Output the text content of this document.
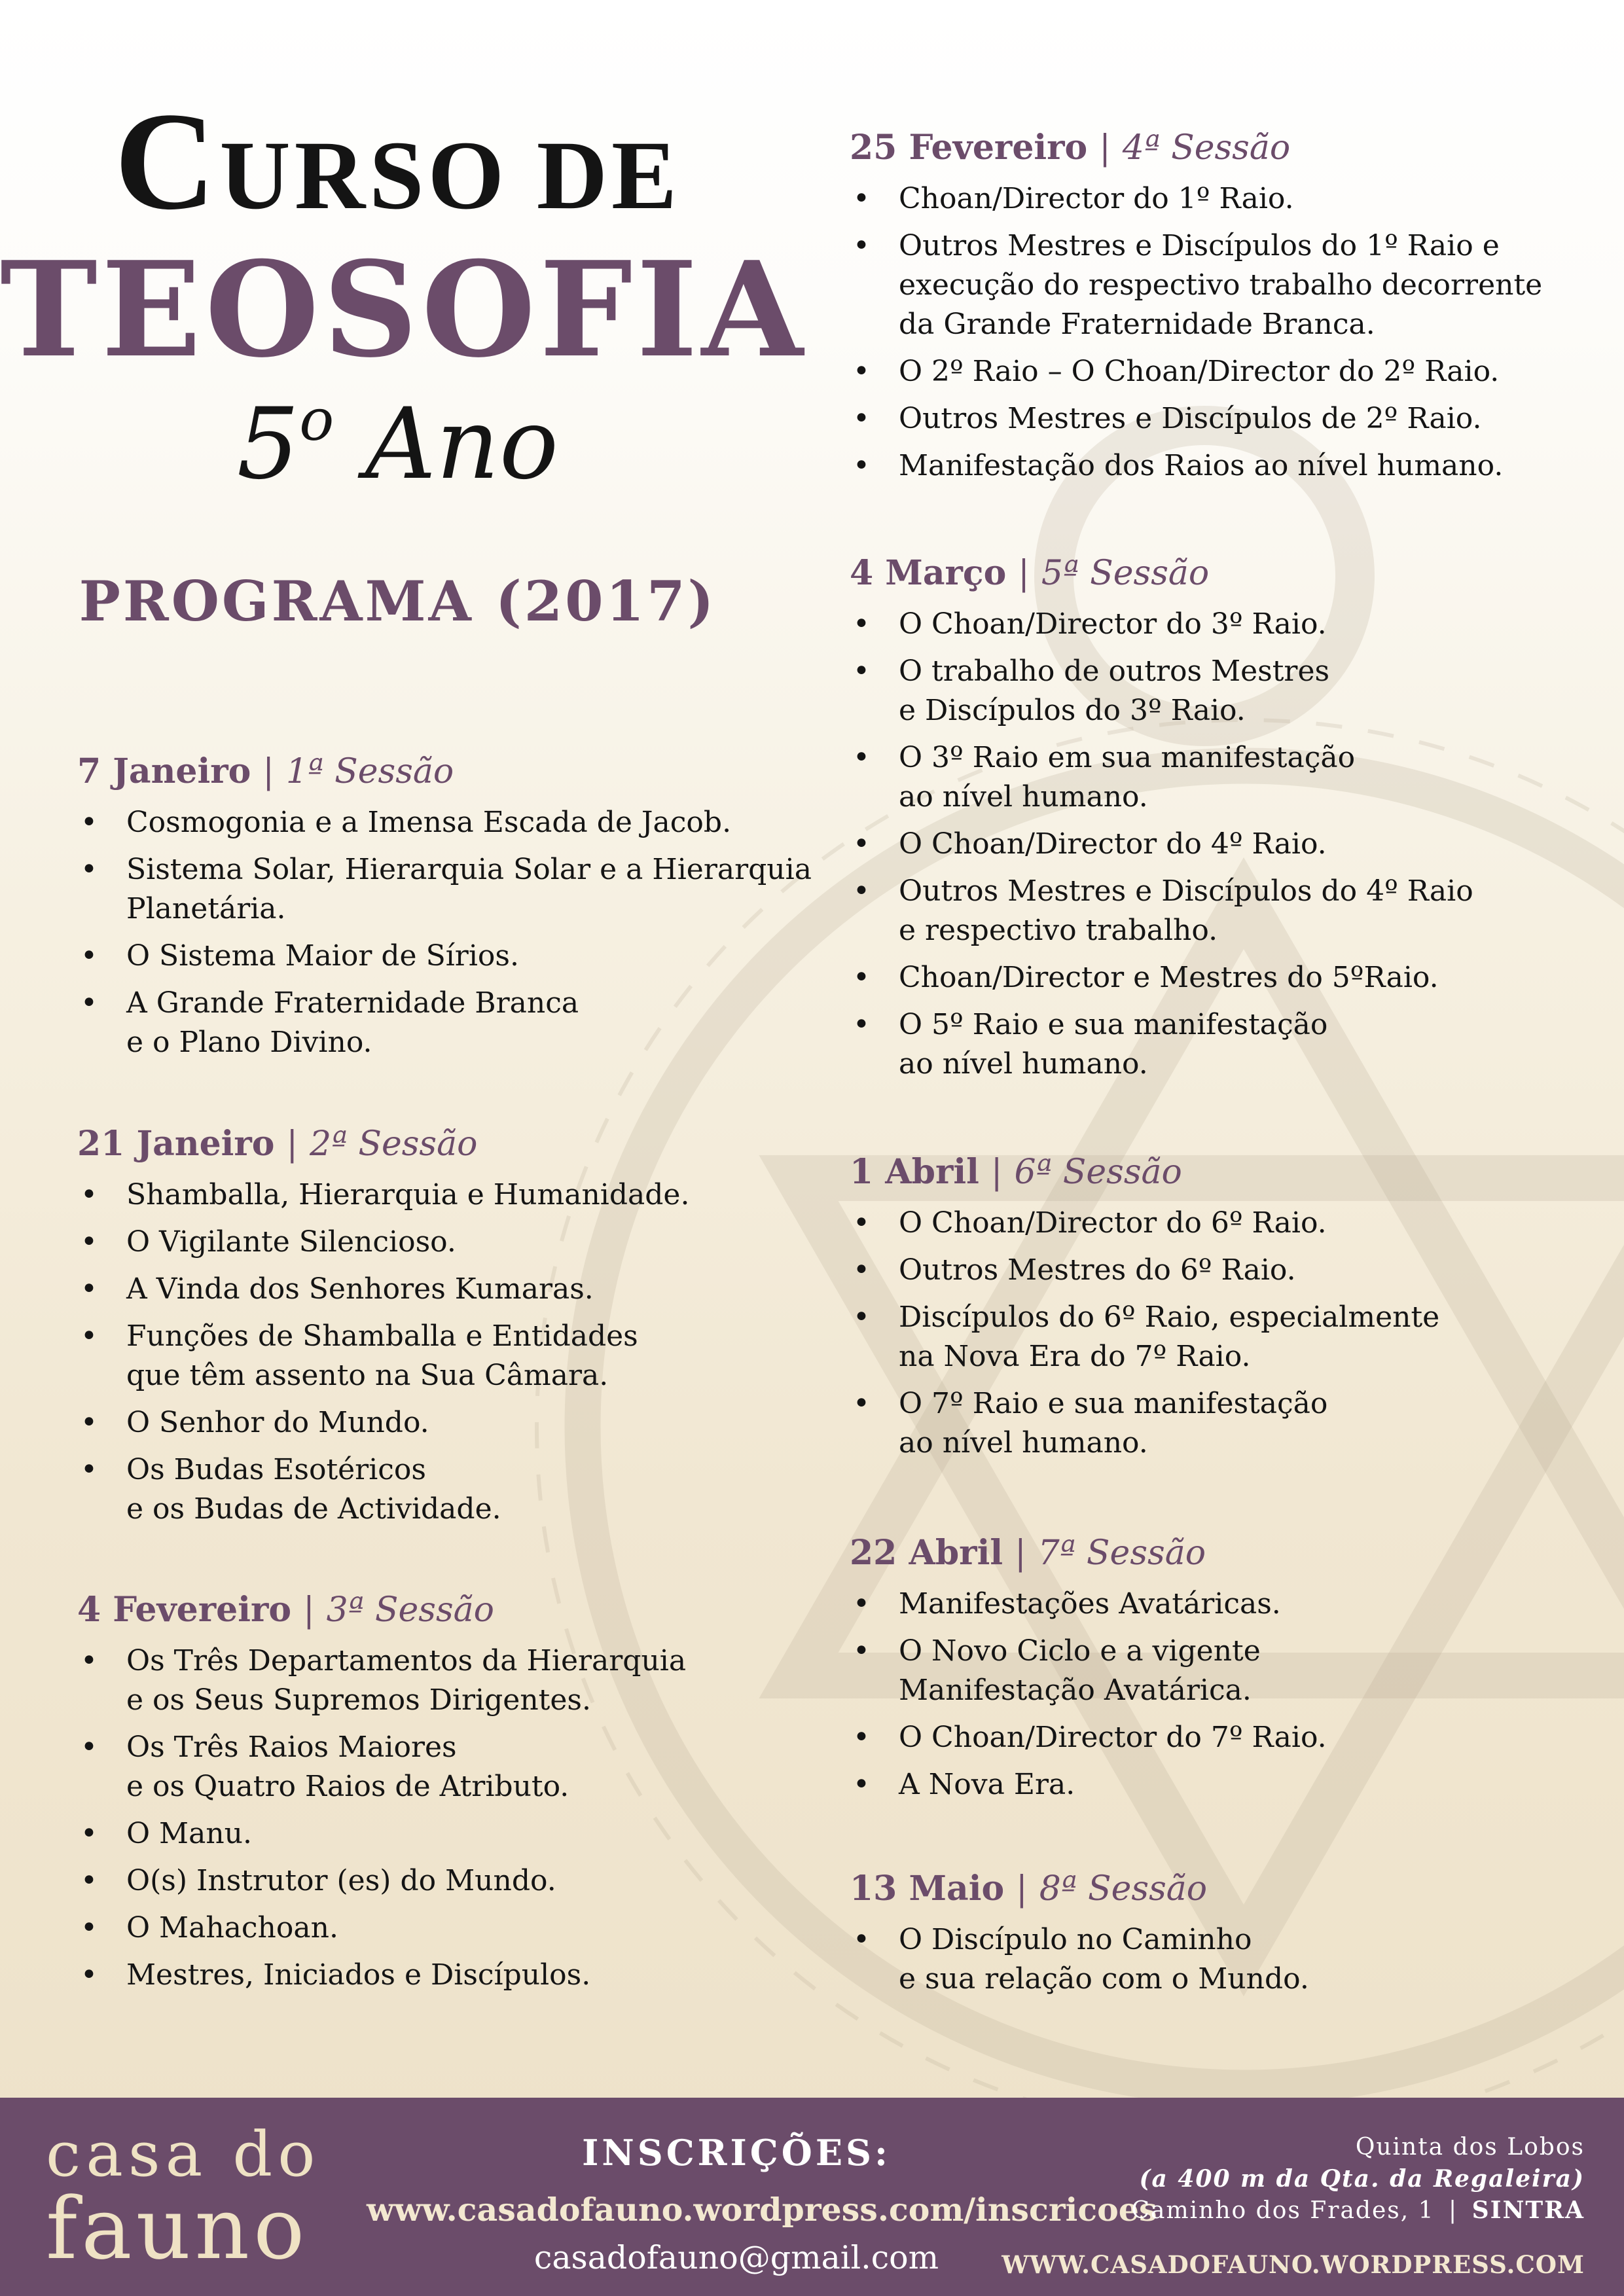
CURSO DE
TEOSOFIA
5$^o$ Ano
PROGRAMA (2017)
7 Janeiro | 1ª Sessão
• Cosmogonia e a Imensa Escada de Jacob.
• Sistema Solar, Hierarquia Solar e a Hierarquia
Planetária.
• O Sistema Maior de Sírios.
• A Grande Fraternidade Branca
e o Plano Divino.
21 Janeiro | 2ª Sessão
• Shamballa, Hierarquia e Humanidade.
• O Vigilante Silencioso.
• A Vinda dos Senhores Kumaras.
• Funções de Shamballa e Entidades
que têm assento na Sua Câmara.
• O Senhor do Mundo.
• Os Budas Esotéricos
e os Budas de Actividade.
4 Fevereiro | 3ª Sessão
• Os Três Departamentos da Hierarquia
e os Seus Supremos Dirigentes.
• Os Três Raios Maiores
e os Quatro Raios de Atributo.
• O Manu.
• O(s) Instrutor (es) do Mundo.
• O Mahachoan.
• Mestres, Iniciados e Discípulos.
25 Fevereiro | 4ª Sessão
• Choan/Director do 1º Raio.
• Outros Mestres e Discípulos do 1º Raio e
execução do respectivo trabalho decorrente
da Grande Fraternidade Branca.
• O 2º Raio – O Choan/Director do 2º Raio.
• Outros Mestres e Discípulos de 2º Raio.
• Manifestação dos Raios ao nível humano.
4 Março | 5ª Sessão
• O Choan/Director do 3º Raio.
• O trabalho de outros Mestres
e Discípulos do 3º Raio.
• O 3º Raio em sua manifestação
ao nível humano.
• O Choan/Director do 4º Raio.
• Outros Mestres e Discípulos do 4º Raio
e respectivo trabalho.
• Choan/Director e Mestres do 5ºRaio.
• O 5º Raio e sua manifestação
ao nível humano.
1 Abril | 6ª Sessão
• O Choan/Director do 6º Raio.
• Outros Mestres do 6º Raio.
• Discípulos do 6º Raio, especialmente
na Nova Era do 7º Raio.
• O 7º Raio e sua manifestação
ao nível humano.
22 Abril | 7ª Sessão
• Manifestações Avatáricas.
• O Novo Ciclo e a vigente
Manifestação Avatárica.
• O Choan/Director do 7º Raio.
• A Nova Era.
13 Maio | 8ª Sessão
• O Discípulo no Caminho
e sua relação com o Mundo.
casa do
fauno
INSCRIÇÕES:
www.casadofauno.wordpress.com/inscricoes
casadofauno@gmail.com
Quinta dos Lobos
(a 400 m da Qta. da Regaleira)
Caminho dos Frades, 1 | SINTRA
WWW.CASADOFAUNO.WORDPRESS.COM
